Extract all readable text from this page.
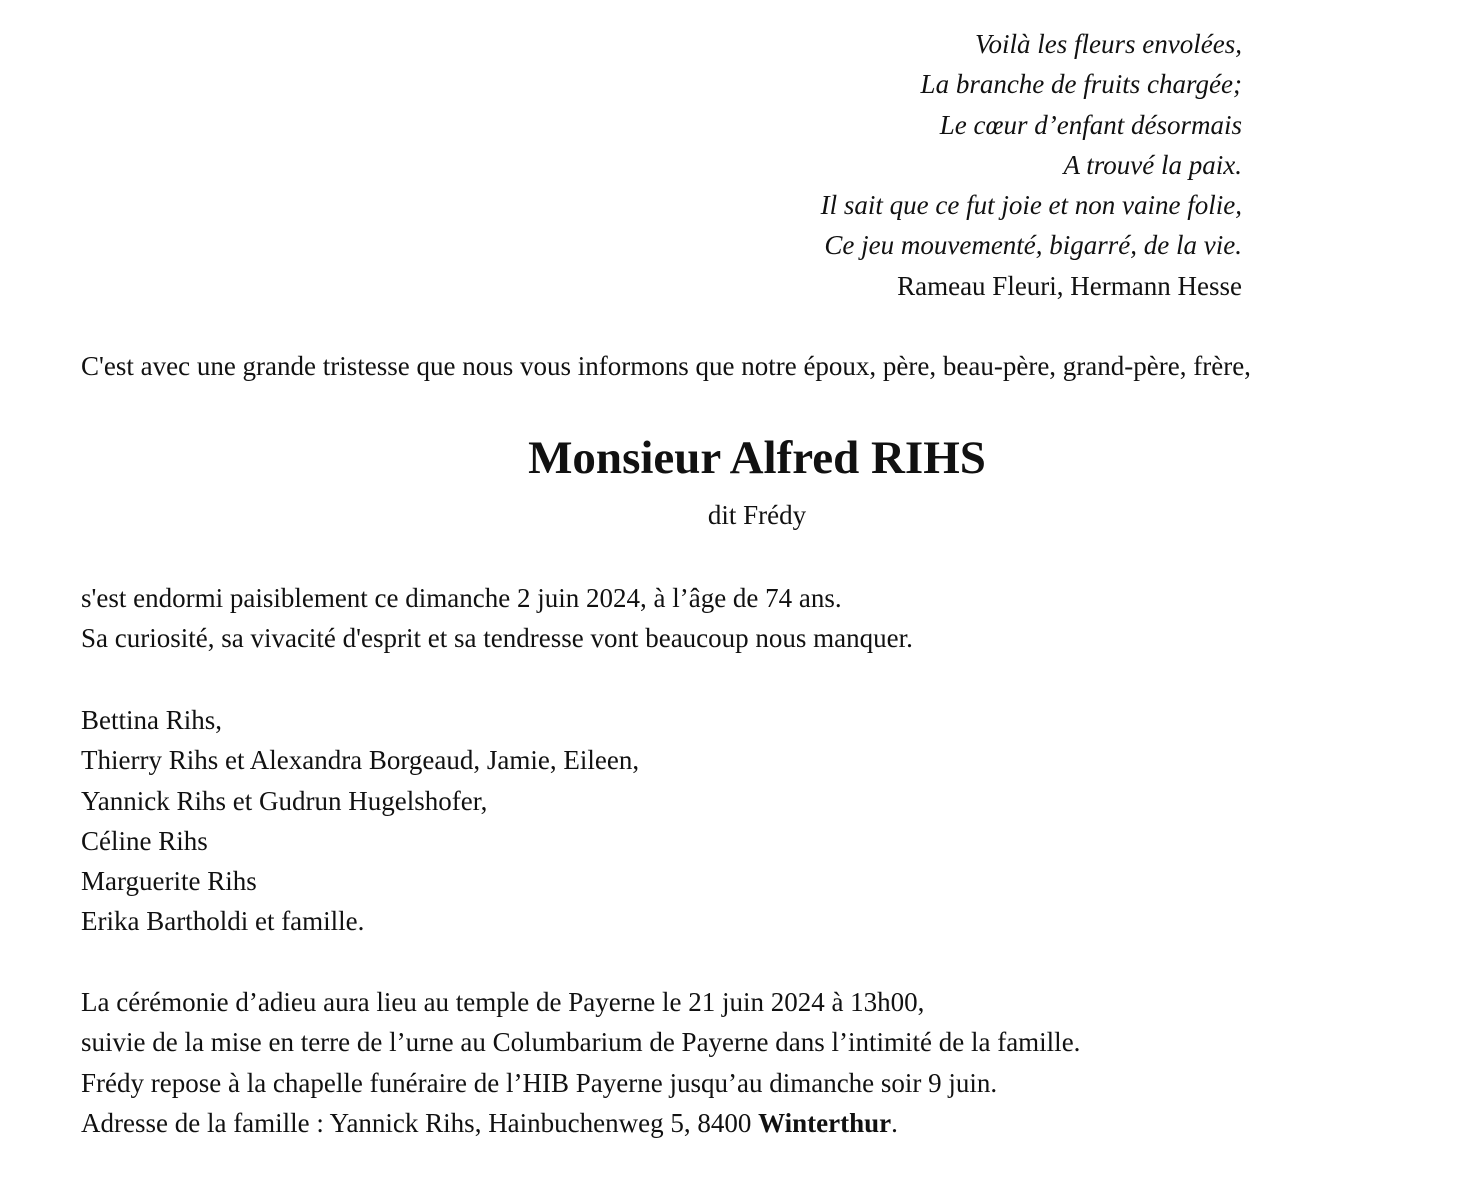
Voilà les fleurs envolées,
La branche de fruits chargée;
Le cœur d’enfant désormais
A trouvé la paix.
Il sait que ce fut joie et non vaine folie,
Ce jeu mouvementé, bigarré, de la vie.
Rameau Fleuri, Hermann Hesse
C'est avec une grande tristesse que nous vous informons que notre époux, père, beau-père, grand-père, frère,
Monsieur Alfred RIHS
dit Frédy
s'est endormi paisiblement ce dimanche 2 juin 2024, à l’âge de 74 ans.
Sa curiosité, sa vivacité d'esprit et sa tendresse vont beaucoup nous manquer.
Bettina Rihs,
Thierry Rihs et Alexandra Borgeaud, Jamie, Eileen,
Yannick Rihs et Gudrun Hugelshofer,
Céline Rihs
Marguerite Rihs
Erika Bartholdi et famille.
La cérémonie d’adieu aura lieu au temple de Payerne le 21 juin 2024 à 13h00,
suivie de la mise en terre de l’urne au Columbarium de Payerne dans l’intimité de la famille.
Frédy repose à la chapelle funéraire de l’HIB Payerne jusqu’au dimanche soir 9 juin.
Adresse de la famille : Yannick Rihs, Hainbuchenweg 5, 8400 Winterthur.
